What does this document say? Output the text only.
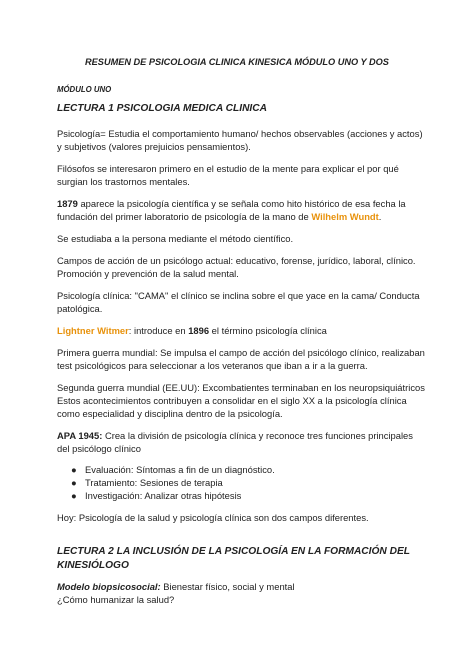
RESUMEN DE PSICOLOGIA CLINICA KINESICA MÓDULO UNO Y DOS

MÓDULO UNO

LECTURA 1 PSICOLOGIA MEDICA CLINICA

Psicología= Estudia el comportamiento humano/ hechos observables (acciones y actos) y subjetivos (valores prejuicios pensamientos).

Filósofos se interesaron primero en el estudio de la mente para explicar el por qué surgian los trastornos mentales.

1879 aparece la psicología científica y se señala como hito histórico de esa fecha la fundación del primer laboratorio de psicología de la mano de Wilhelm Wundt.

Se estudiaba a la persona mediante el método científico.

Campos de acción de un psicólogo actual: educativo, forense, jurídico, laboral, clínico. Promoción y prevención de la salud mental.

Psicología clínica: "CAMA" el clínico se inclina sobre el que yace en la cama/ Conducta patológica.

Lightner Witmer: introduce en 1896 el término psicología clínica

Primera guerra mundial: Se impulsa el campo de acción del psicólogo clínico, realizaban test psicológicos para seleccionar a los veteranos que iban a ir a la guerra.

Segunda guerra mundial (EE.UU): Excombatientes terminaban en los neuropsiquiátricos Estos acontecimientos contribuyen a consolidar en el siglo XX a la psicología clínica como especialidad y disciplina dentro de la psicología.

APA 1945: Crea la división de psicología clínica y reconoce tres funciones principales del psicólogo clínico

● Evaluación: Síntomas a fin de un diagnóstico.
● Tratamiento: Sesiones de terapia
● Investigación: Analizar otras hipótesis

Hoy: Psicología de la salud y psicología clínica son dos campos diferentes.

LECTURA 2 LA INCLUSIÓN DE LA PSICOLOGÍA EN LA FORMACIÓN DEL KINESIÓLOGO

Modelo biopsicosocial: Bienestar físico, social y mental

¿Cómo humanizar la salud?
